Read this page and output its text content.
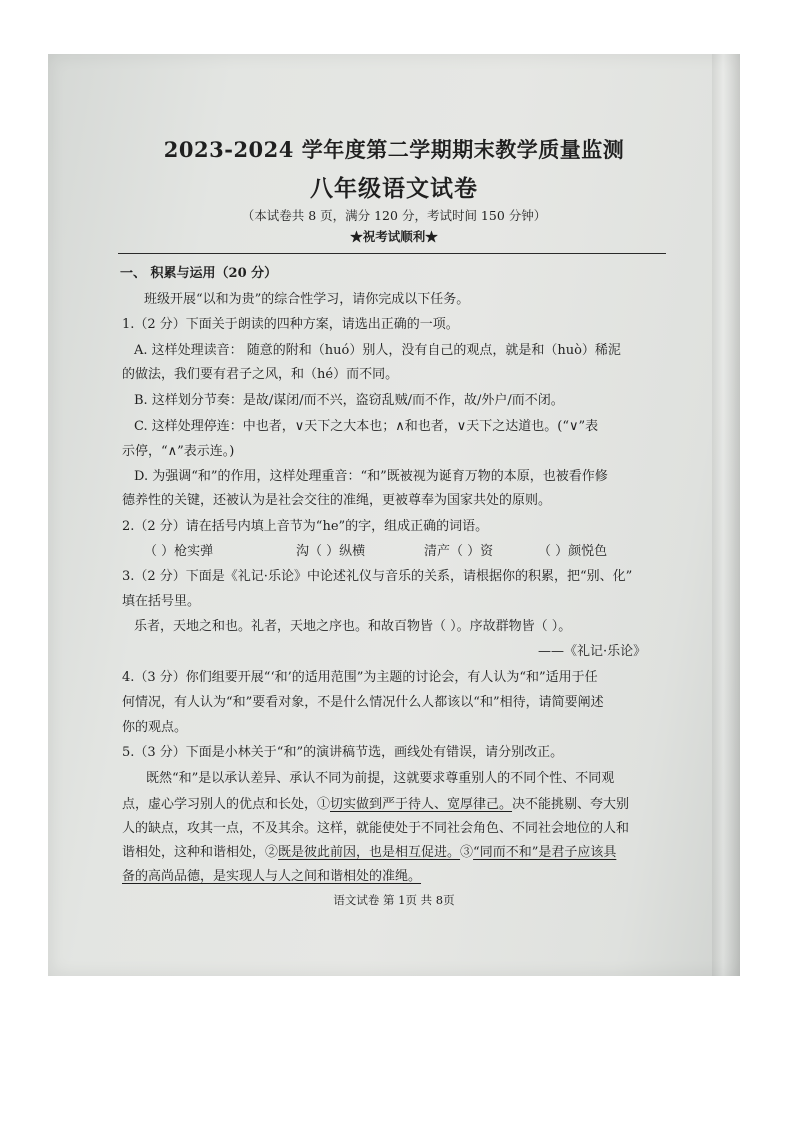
2023-2024 学年度第二学期期末教学质量监测
八年级语文试卷
（本试卷共 8 页，满分 120 分，考试时间 150 分钟）
★祝考试顺利★
一、 积累与运用（20 分）
班级开展“以和为贵”的综合性学习，请你完成以下任务。
1.（2 分）下面关于朗读的四种方案，请选出正确的一项。
A. 这样处理读音： 随意的附和（huó）别人，没有自己的观点，就是和（huò）稀泥
的做法，我们要有君子之风，和（hé）而不同。
B. 这样划分节奏：是故/谋闭/而不兴，盗窃乱贼/而不作，故/外户/而不闭。
C. 这样处理停连：中也者，∨天下之大本也；∧和也者，∨天下之达道也。(“∨”表
示停，“∧”表示连。)
D. 为强调“和”的作用，这样处理重音：“和”既被视为诞育万物的本原，也被看作修
德养性的关键，还被认为是社会交往的准绳，更被尊奉为国家共处的原则。
2.（2 分）请在括号内填上音节为“he”的字，组成正确的词语。
（ ）枪实弹	沟（ ）纵横	清产（ ）资	（ ）颜悦色
3.（2 分）下面是《礼记·乐论》中论述礼仪与音乐的关系，请根据你的积累，把“别、化”
填在括号里。
乐者，天地之和也。礼者，天地之序也。和故百物皆（ ）。序故群物皆（ ）。
——《礼记·乐论》
4.（3 分）你们组要开展“‘和’的适用范围”为主题的讨论会，有人认为“和”适用于任
何情况，有人认为“和”要看对象，不是什么情况什么人都该以“和”相待，请简要阐述
你的观点。
5.（3 分）下面是小林关于“和”的演讲稿节选，画线处有错误，请分别改正。
既然“和”是以承认差异、承认不同为前提，这就要求尊重别人的不同个性、不同观
点，虚心学习别人的优点和长处，①切实做到严于待人、宽厚律己。决不能挑剔、夸大别
人的缺点，攻其一点，不及其余。这样，就能使处于不同社会角色、不同社会地位的人和
谐相处，这种和谐相处，②既是彼此前因，也是相互促进。③“同而不和”是君子应该具
备的高尚品德，是实现人与人之间和谐相处的准绳。
语文试卷 第 1页 共 8页
